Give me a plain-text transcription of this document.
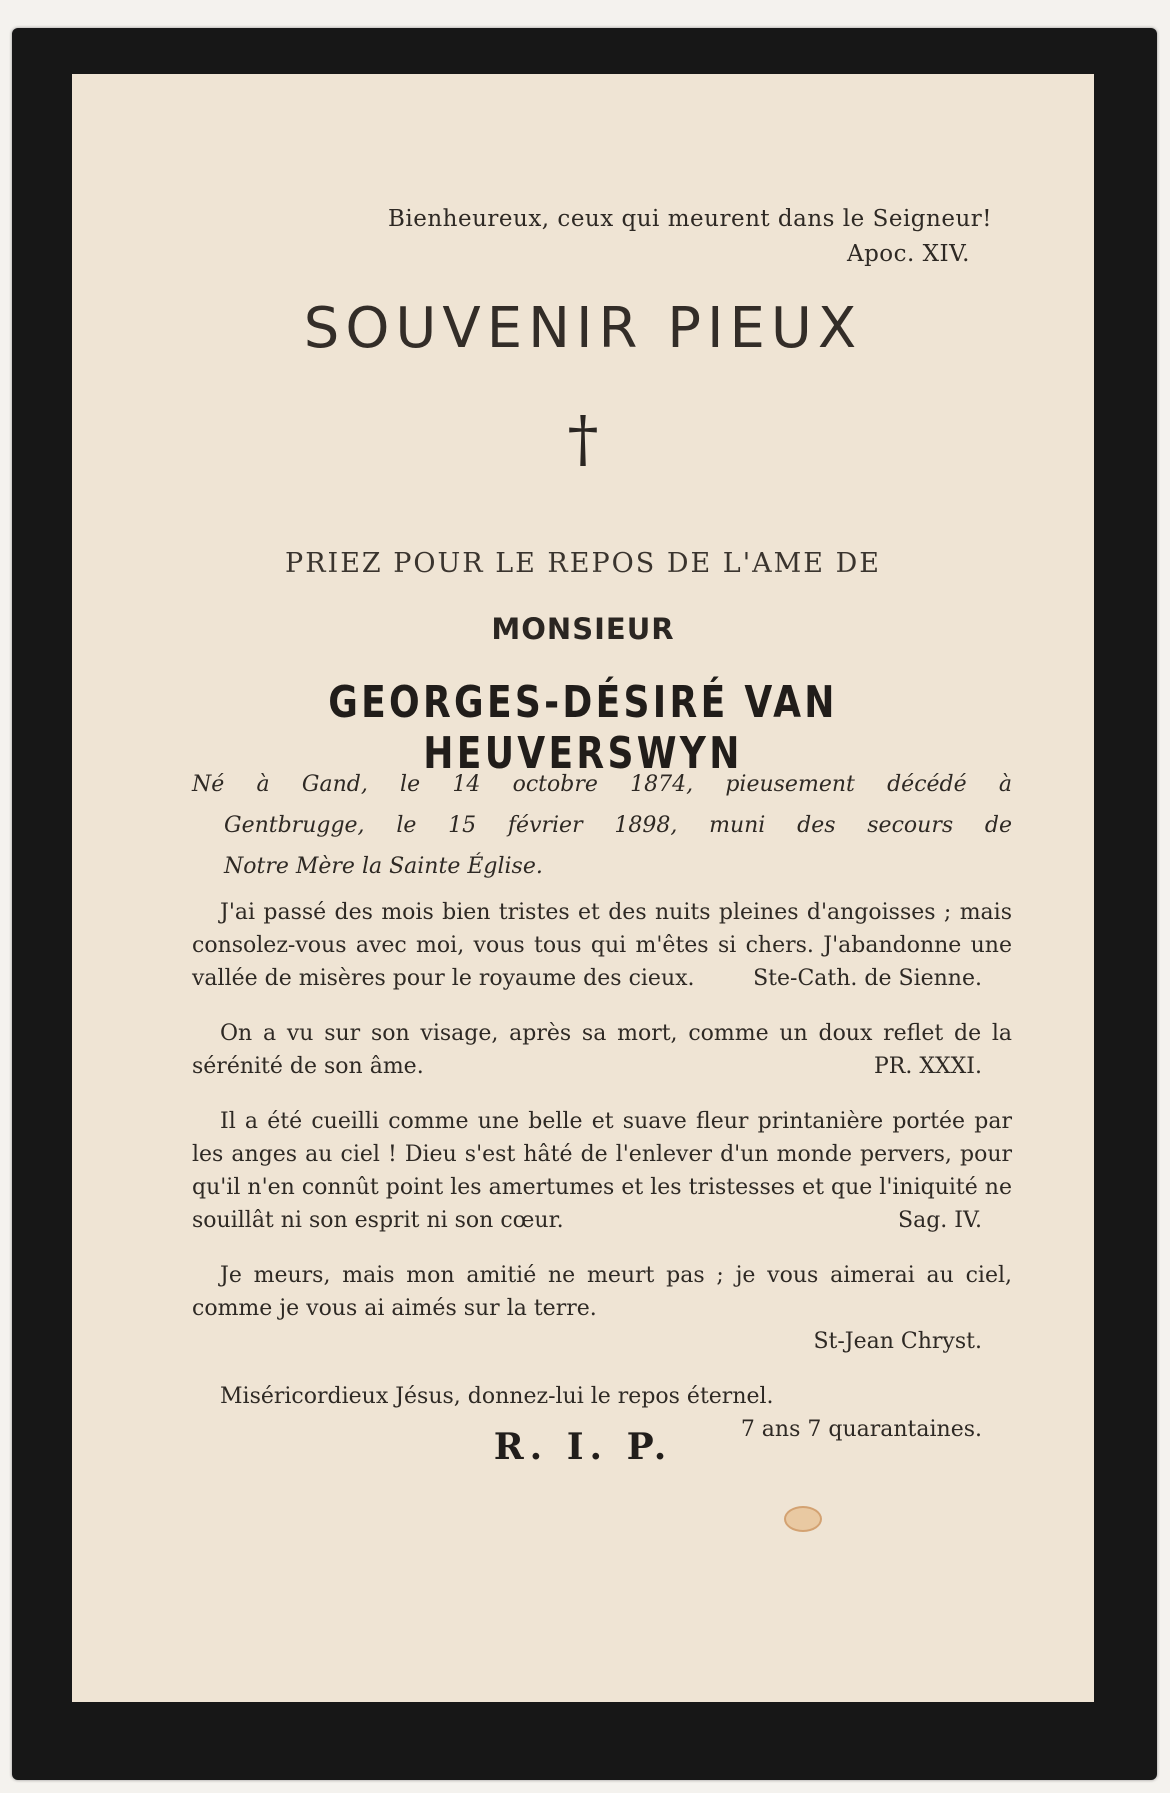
Bienheureux, ceux qui meurent dans le Seigneur!
Apoc. XIV.

SOUVENIR PIEUX
†

PRIEZ POUR LE REPOS DE L'AME DE

MONSIEUR

GEORGES-DÉSIRÉ VAN HEUVERSWYN

Né à Gand, le 14 octobre 1874, pieusement décédé à
Gentbrugge, le 15 février 1898, muni des secours de
Notre Mère la Sainte Église.

J'ai passé des mois bien tristes et des nuits pleines d'angoisses ; mais consolez-vous avec moi, vous tous qui m'êtes si chers. J'abandonne une vallée de misères pour le royaume des cieux.	Ste-Cath. de Sienne.

On a vu sur son visage, après sa mort, comme un doux reflet de la sérénité de son âme.	PR. XXXI.

Il a été cueilli comme une belle et suave fleur printanière portée par les anges au ciel ! Dieu s'est hâté de l'enlever d'un monde pervers, pour qu'il n'en connût point les amertumes et les tristesses et que l'iniquité ne souillât ni son esprit ni son cœur.	Sag. IV.

Je meurs, mais mon amitié ne meurt pas ; je vous aimerai au ciel, comme je vous ai aimés sur la terre.
St-Jean Chryst.

Miséricordieux Jésus, donnez-lui le repos éternel.
7 ans 7 quarantaines.

R. I. P.
